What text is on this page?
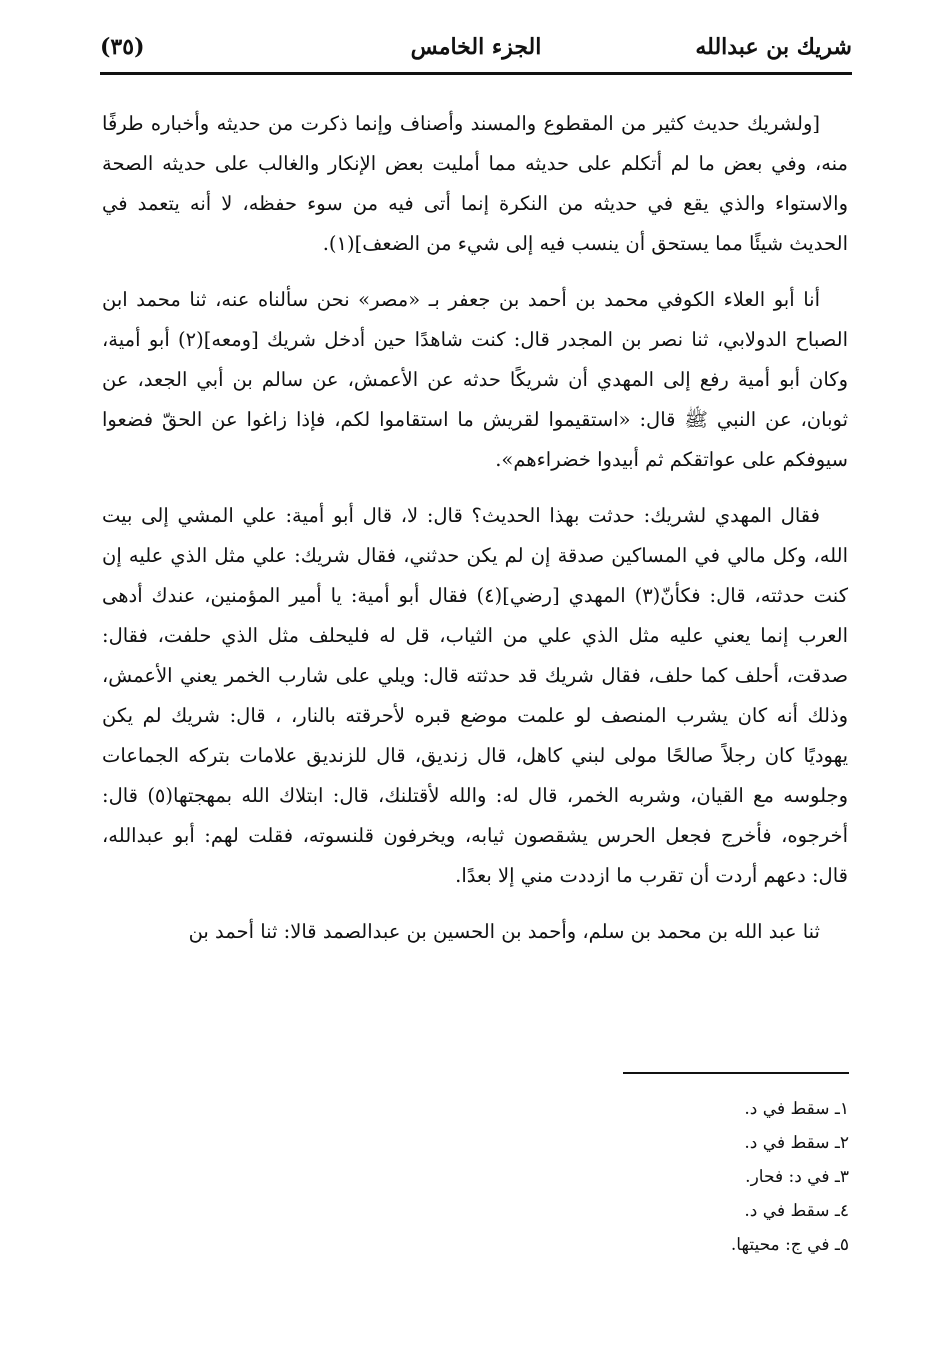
شريك بن عبدالله
الجزء الخامس
(٣٥)

[ولشريك حديث كثير من المقطوع والمسند وأصناف وإنما ذكرت من حديثه وأخباره طرفًا منه، وفي بعض ما لم أتكلم على حديثه مما أمليت بعض الإنكار والغالب على حديثه الصحة والاستواء والذي يقع في حديثه من النكرة إنما أتى فيه من سوء حفظه، لا أنه يتعمد في الحديث شيئًا مما يستحق أن ينسب فيه إلى شيء من الضعف](١).

أنا أبو العلاء الكوفي محمد بن أحمد بن جعفر بـ «مصر» نحن سألناه عنه، ثنا محمد ابن الصباح الدولابي، ثنا نصر بن المجدر قال: كنت شاهدًا حين أدخل شريك [ومعه](٢) أبو أمية، وكان أبو أمية رفع إلى المهدي أن شريكًا حدثه عن الأعمش، عن سالم بن أبي الجعد، عن ثوبان، عن النبي ﷺ قال: «استقيموا لقريش ما استقاموا لكم، فإذا زاغوا عن الحقّ فضعوا سيوفكم على عواتقكم ثم أبيدوا خضراءهم».

فقال المهدي لشريك: حدثت بهذا الحديث؟ قال: لا، قال أبو أمية: علي المشي إلى بيت الله، وكل مالي في المساكين صدقة إن لم يكن حدثني، فقال شريك: علي مثل الذي عليه إن كنت حدثته، قال: فكأنّ(٣) المهدي [رضي](٤) فقال أبو أمية: يا أمير المؤمنين، عندك أدهى العرب إنما يعني عليه مثل الذي علي من الثياب، قل له فليحلف مثل الذي حلفت، فقال: صدقت، أحلف كما حلف، فقال شريك قد حدثته قال: ويلي على شارب الخمر يعني الأعمش، وذلك أنه كان يشرب المنصف لو علمت موضع قبره لأحرقته بالنار، ، قال: شريك لم يكن يهوديًا كان رجلاً صالحًا مولى لبني كاهل، قال زنديق، قال للزنديق علامات بتركه الجماعات وجلوسه مع القيان، وشربه الخمر، قال له: والله لأقتلنك، قال: ابتلاك الله بمهجتها(٥) قال: أخرجوه، فأخرج فجعل الحرس يشقصون ثيابه، ويخرفون قلنسوته، فقلت لهم: أبو عبدالله، قال: دعهم أردت أن تقرب ما ازددت مني إلا بعدًا.

ثنا عبد الله بن محمد بن سلم، وأحمد بن الحسين بن عبدالصمد قالا: ثنا أحمد بن

١ـ سقط في د.
٢ـ سقط في د.
٣ـ في د: فحار.
٤ـ سقط في د.
٥ـ في ج: محيتها.
